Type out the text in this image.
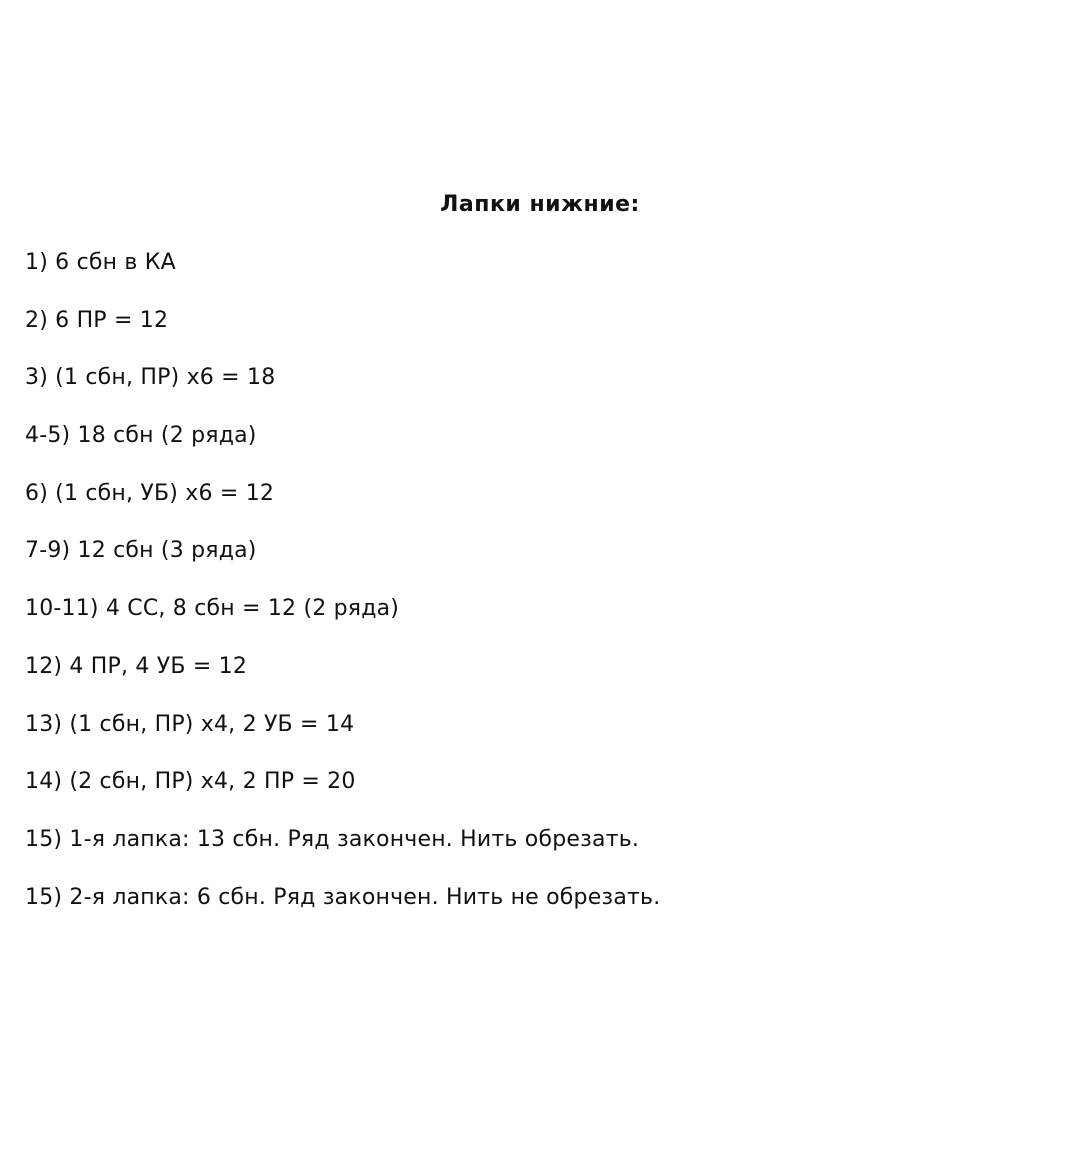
Лапки нижние:
1) 6 сбн в КА
2) 6 ПР = 12
3) (1 сбн, ПР) х6 = 18
4-5) 18 сбн (2 ряда)
6) (1 сбн, УБ) х6 = 12
7-9) 12 сбн (3 ряда)
10-11) 4 СС, 8 сбн = 12 (2 ряда)
12) 4 ПР, 4 УБ = 12
13) (1 сбн, ПР) х4, 2 УБ = 14
14) (2 сбн, ПР) х4, 2 ПР = 20
15) 1-я лапка: 13 сбн. Ряд закончен. Нить обрезать.
15) 2-я лапка: 6 сбн. Ряд закончен. Нить не обрезать.
